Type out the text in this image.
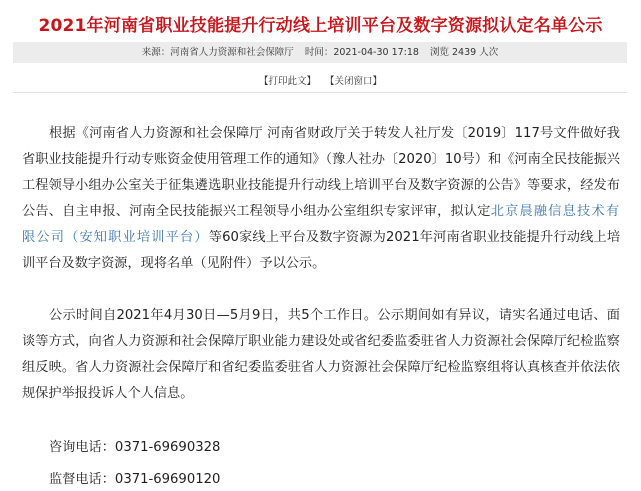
2021年河南省职业技能提升行动线上培训平台及数字资源拟认定名单公示
来源：河南省人力资源和社会保障厅 时间：2021-04-30 17:18 浏览 2439 人次
【打印此文】 【关闭窗口】

根据《河南省人力资源和社会保障厅 河南省财政厅关于转发人社厅发〔2019〕117号文件做好我省职业技能提升行动专账资金使用管理工作的通知》（豫人社办〔2020〕10号）和《河南全民技能振兴工程领导小组办公室关于征集遴选职业技能提升行动线上培训平台及数字资源的公告》等要求，经发布公告、自主申报、河南全民技能振兴工程领导小组办公室组织专家评审，拟认定北京晨融信息技术有限公司（安知职业培训平台）等60家线上平台及数字资源为2021年河南省职业技能提升行动线上培训平台及数字资源，现将名单（见附件）予以公示。

公示时间自2021年4月30日—5月9日，共5个工作日。公示期间如有异议，请实名通过电话、面谈等方式，向省人力资源和社会保障厅职业能力建设处或省纪委监委驻省人力资源社会保障厅纪检监察组反映。省人力资源社会保障厅和省纪委监委驻省人力资源社会保障厅纪检监察组将认真核查并依法依规保护举报投诉人个人信息。

咨询电话：0371-69690328

监督电话：0371-69690120
